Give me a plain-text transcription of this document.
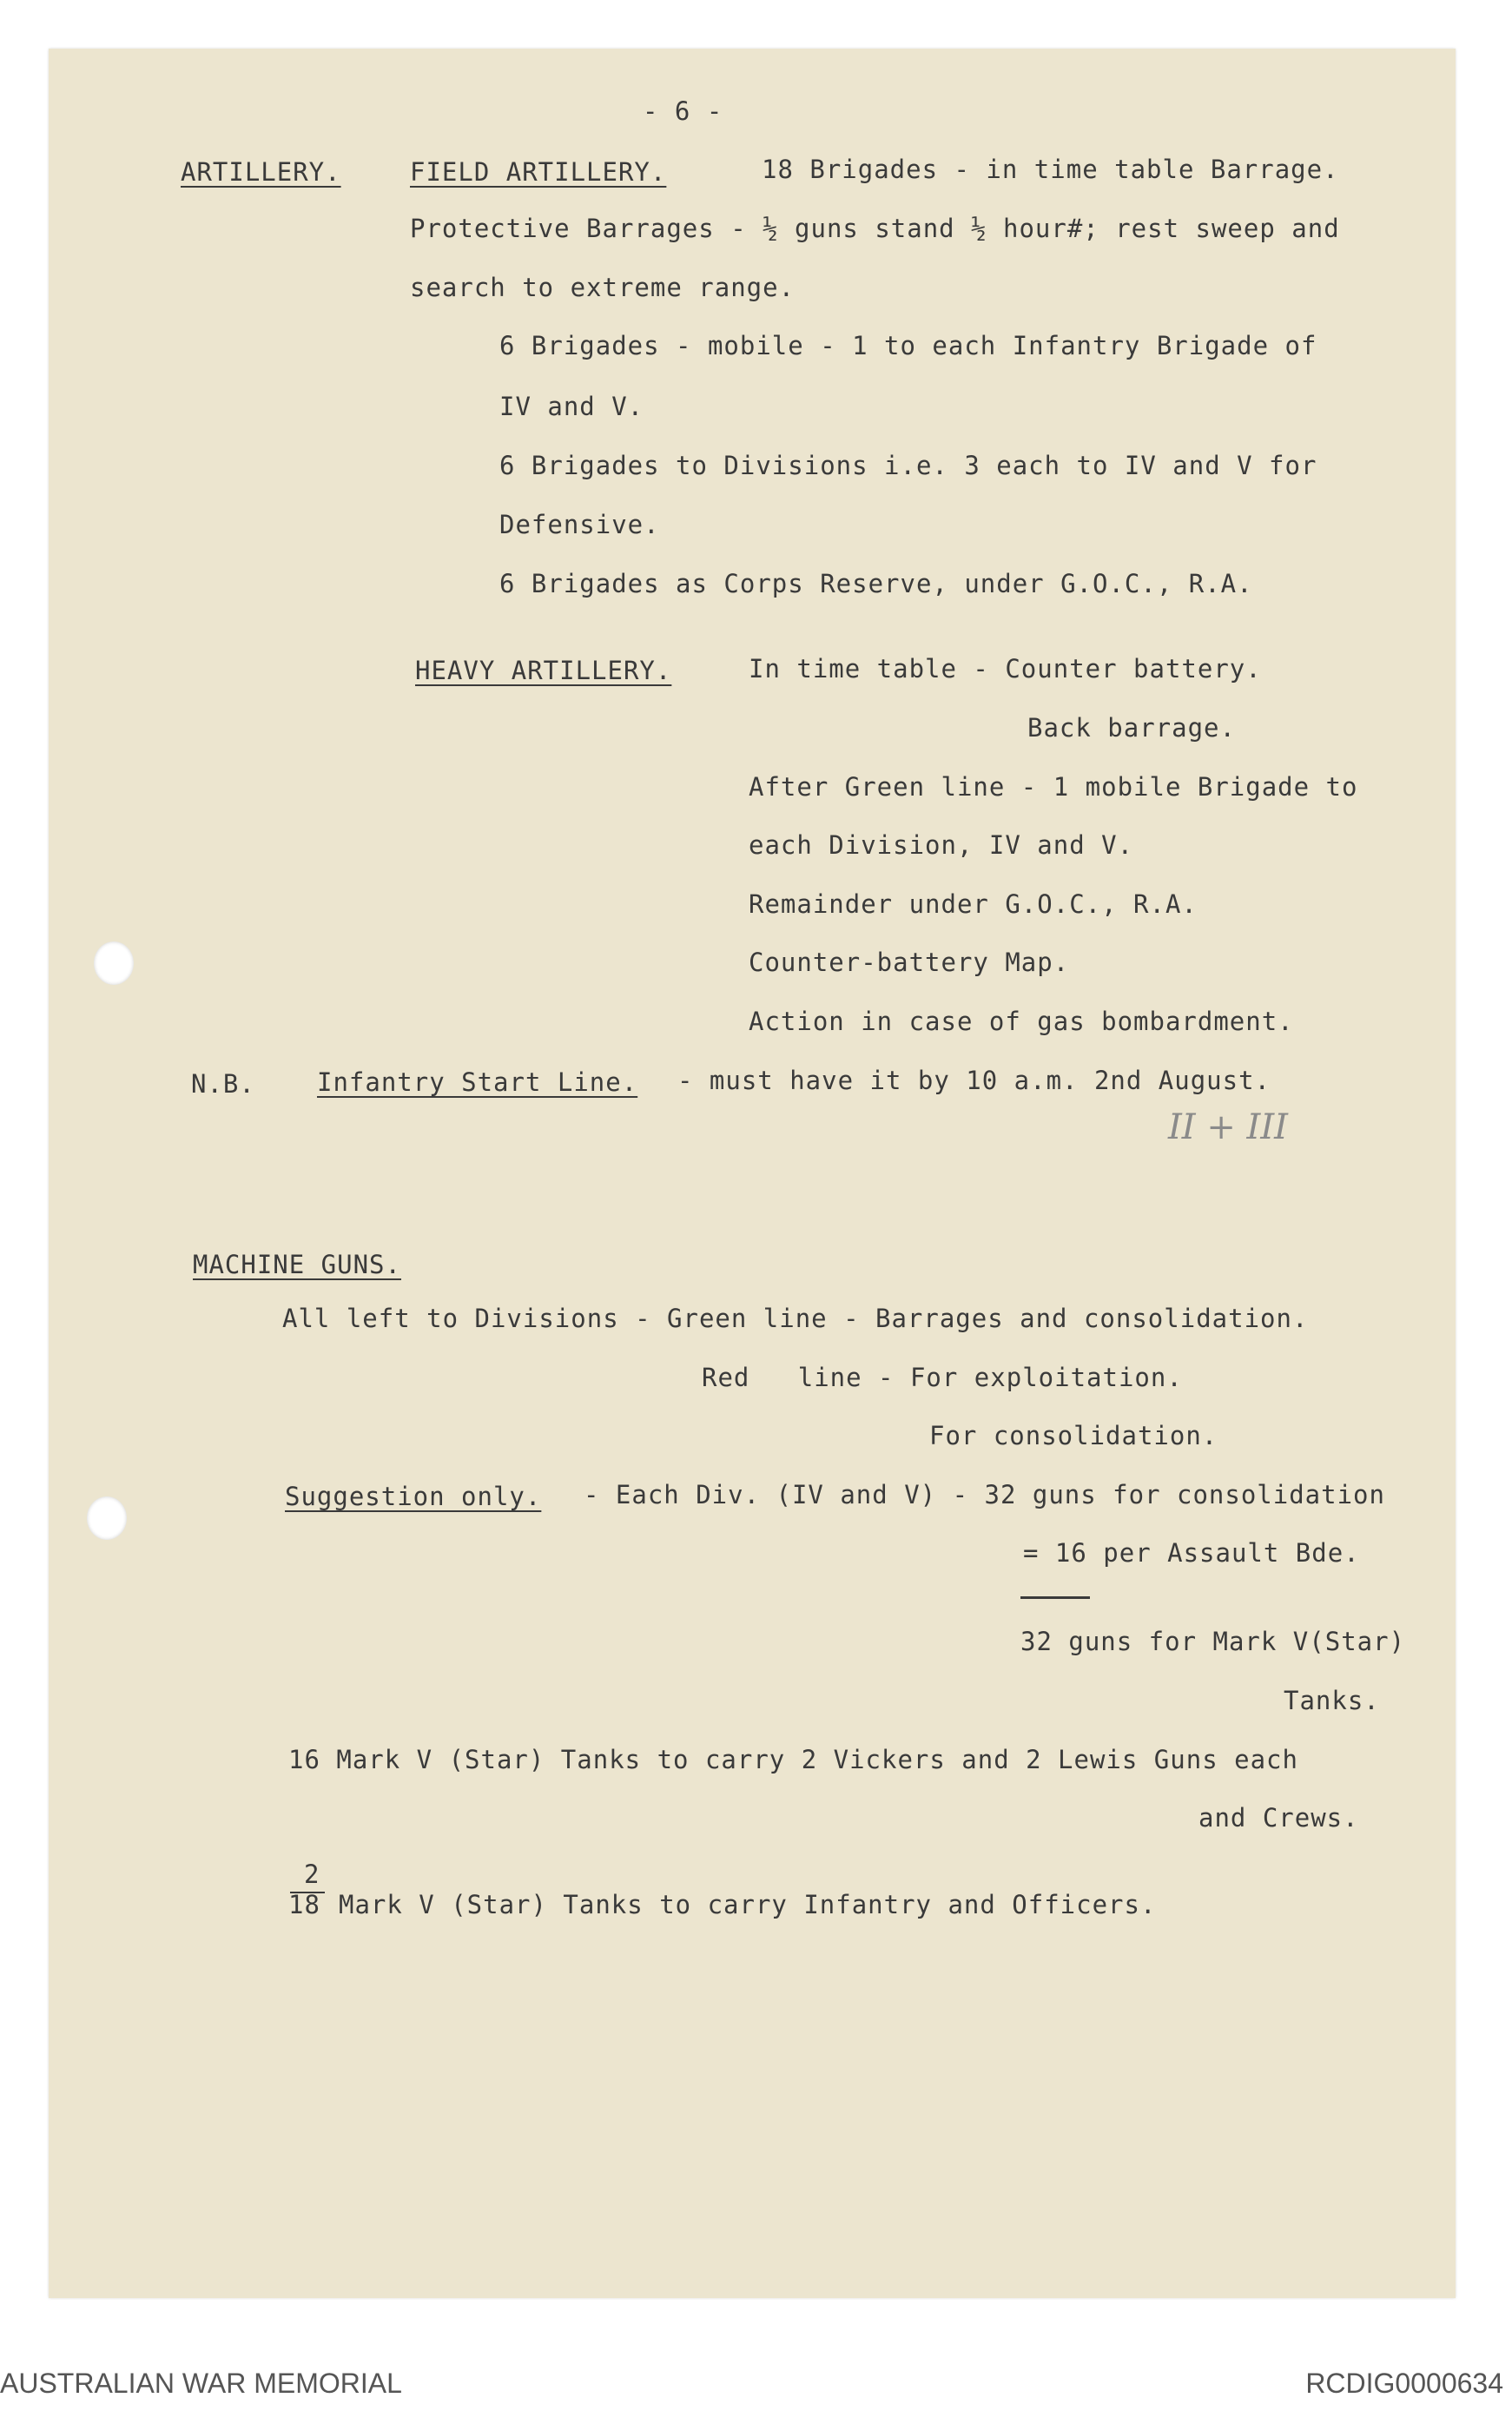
- 6 -
ARTILLERY.	FIELD ARTILLERY.	18 Brigades - in time table Barrage.
Protective Barrages - ½ guns stand ½ hour#; rest sweep and
search to extreme range.
6 Brigades - mobile - 1 to each Infantry Brigade of
IV and V.
6 Brigades to Divisions i.e. 3 each to IV and V for
Defensive.
6 Brigades as Corps Reserve, under G.O.C., R.A.
HEAVY ARTILLERY.	In time table - Counter battery.
Back barrage.
After Green line - 1 mobile Brigade to
each Division, IV and V.
Remainder under G.O.C., R.A.
Counter-battery Map.
Action in case of gas bombardment.
N.B. Infantry Start Line. - must have it by 10 a.m. 2nd August.
II + III
MACHINE GUNS.
All left to Divisions - Green line - Barrages and consolidation.
Red   line - For exploitation.
For consolidation.
Suggestion only. - Each Div. (IV and V) - 32 guns for consolidation
= 16 per Assault Bde.
32 guns for Mark V(Star)
Tanks.
16 Mark V (Star) Tanks to carry 2 Vickers and 2 Lewis Guns each
and Crews.
2
18 Mark V (Star) Tanks to carry Infantry and Officers.
AUSTRALIAN WAR MEMORIAL	RCDIG0000634
